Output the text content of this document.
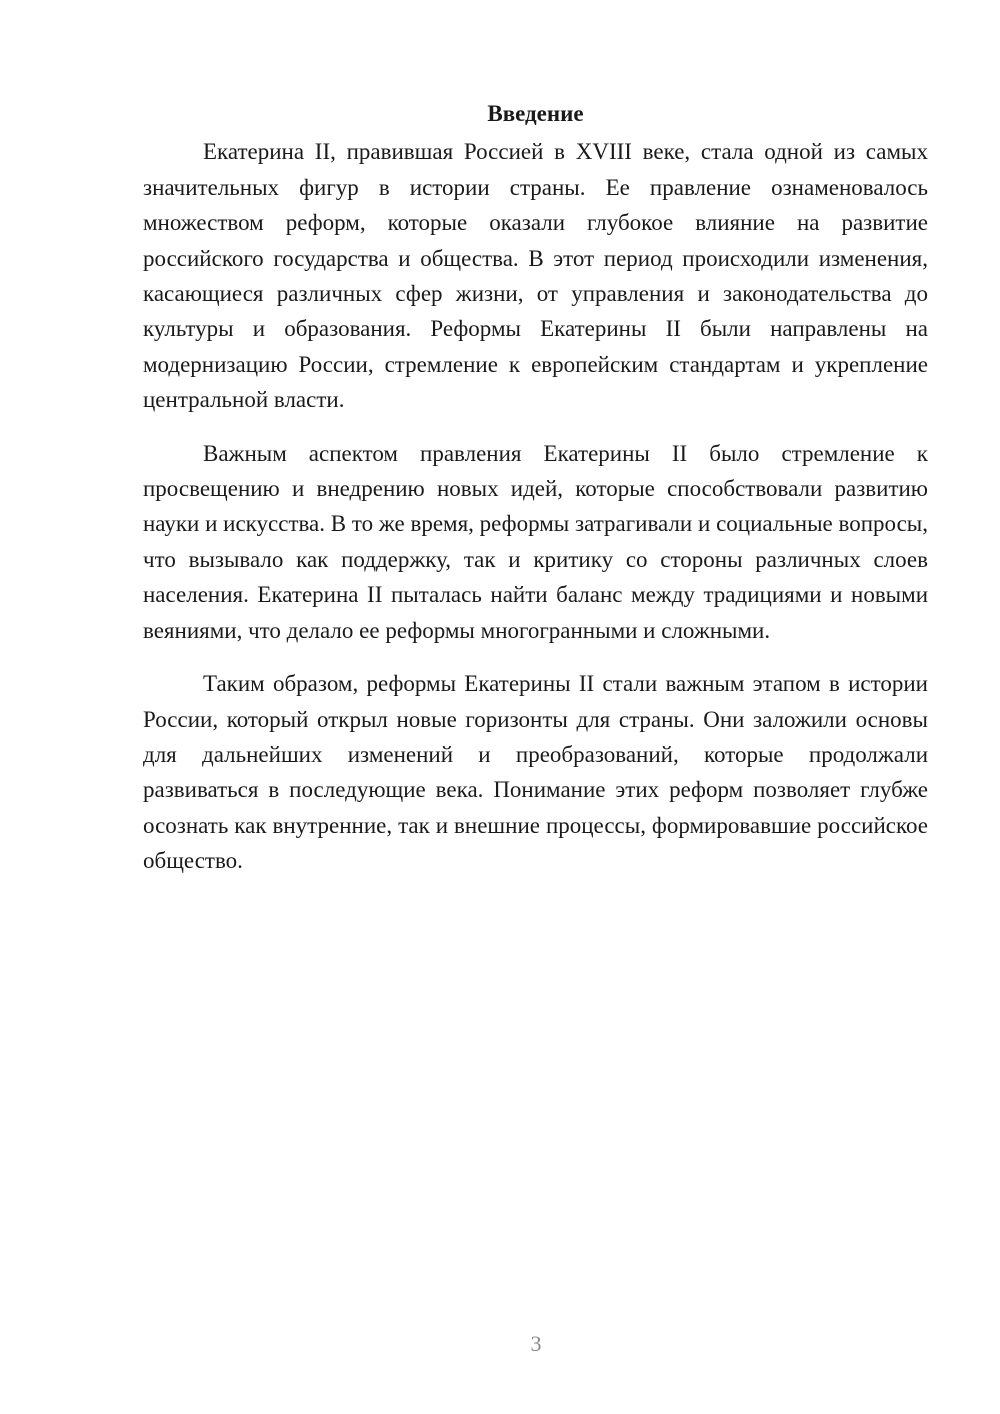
Введение

Екатерина II, правившая Россией в XVIII веке, стала одной из самых значительных фигур в истории страны. Ее правление ознаменовалось множеством реформ, которые оказали глубокое влияние на развитие российского государства и общества. В этот период происходили изменения, касающиеся различных сфер жизни, от управления и законодательства до культуры и образования. Реформы Екатерины II были направлены на модернизацию России, стремление к европейским стандартам и укрепление центральной власти.

Важным аспектом правления Екатерины II было стремление к просвещению и внедрению новых идей, которые способствовали развитию науки и искусства. В то же время, реформы затрагивали и социальные вопросы, что вызывало как поддержку, так и критику со стороны различных слоев населения. Екатерина II пыталась найти баланс между традициями и новыми веяниями, что делало ее реформы многогранными и сложными.

Таким образом, реформы Екатерины II стали важным этапом в истории России, который открыл новые горизонты для страны. Они заложили основы для дальнейших изменений и преобразований, которые продолжали развиваться в последующие века. Понимание этих реформ позволяет глубже осознать как внутренние, так и внешние процессы, формировавшие российское общество.

3
